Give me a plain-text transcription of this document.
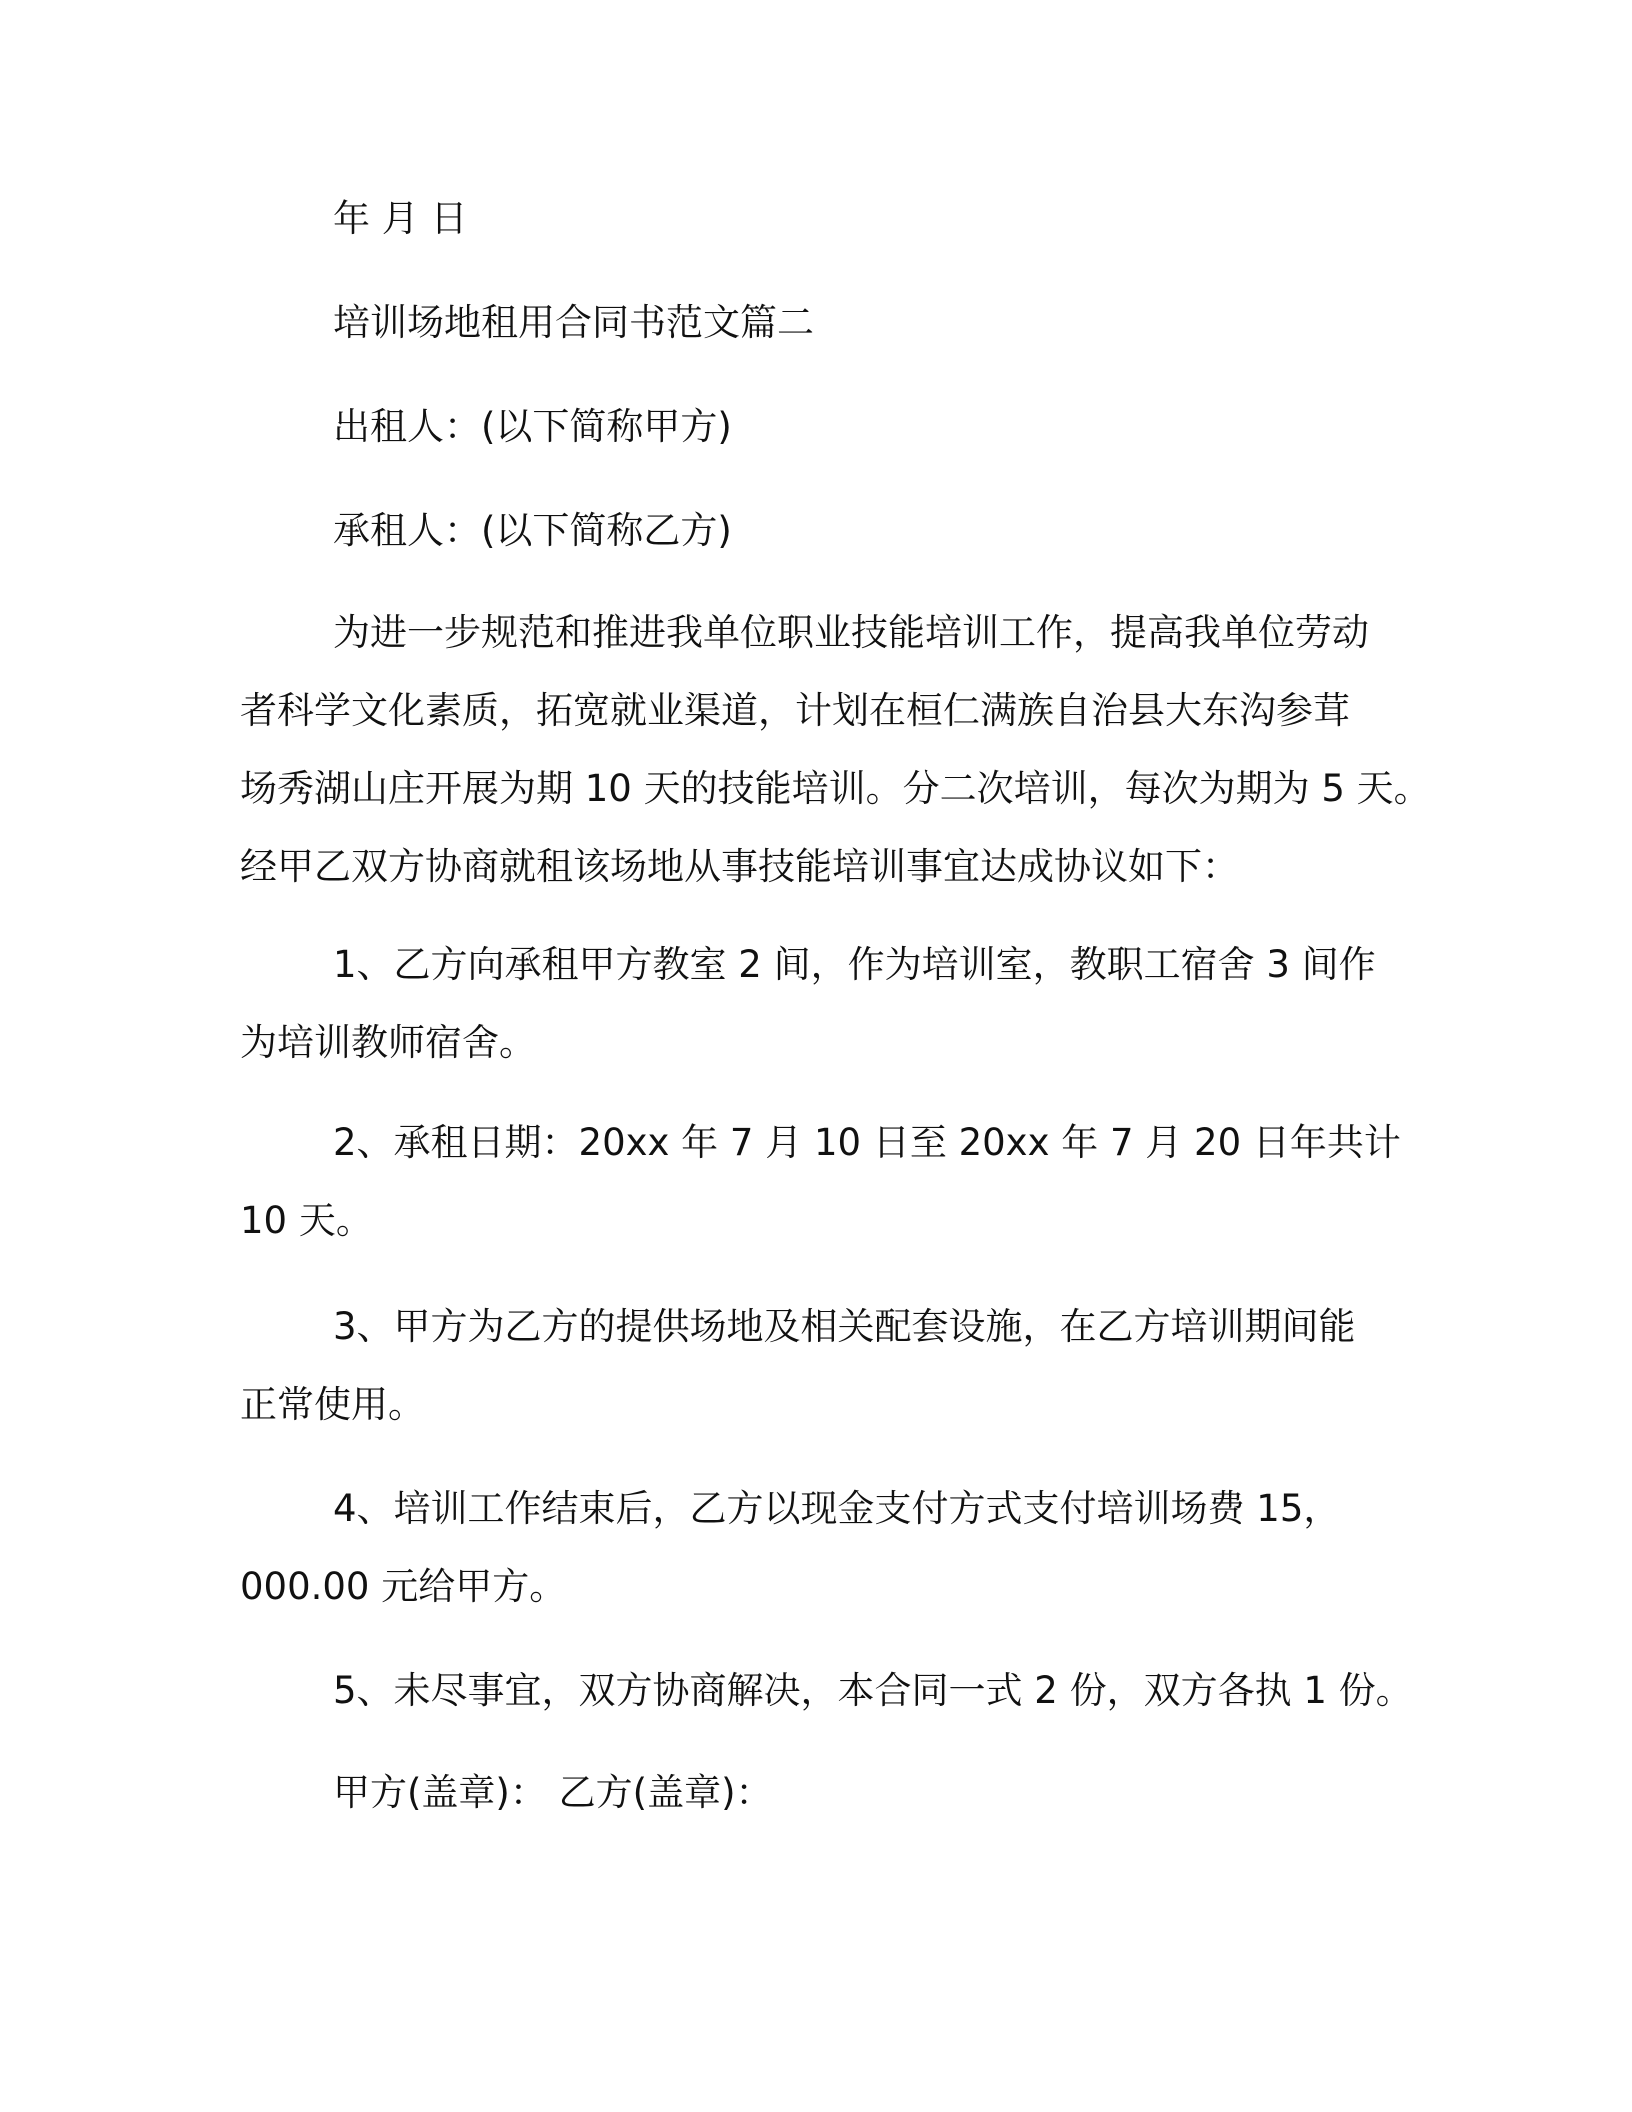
年 月 日

培训场地租用合同书范文篇二

出租人：(以下简称甲方)

承租人：(以下简称乙方)

为进一步规范和推进我单位职业技能培训工作，提高我单位劳动

者科学文化素质，拓宽就业渠道，计划在桓仁满族自治县大东沟参茸

场秀湖山庄开展为期 10 天的技能培训。分二次培训，每次为期为 5 天。

经甲乙双方协商就租该场地从事技能培训事宜达成协议如下：

1、乙方向承租甲方教室 2 间，作为培训室，教职工宿舍 3 间作

为培训教师宿舍。

2、承租日期：20xx 年 7 月 10 日至 20xx 年 7 月 20 日年共计

10 天。

3、甲方为乙方的提供场地及相关配套设施，在乙方培训期间能

正常使用。

4、培训工作结束后，乙方以现金支付方式支付培训场费 15，

000.00 元给甲方。

5、未尽事宜，双方协商解决，本合同一式 2 份，双方各执 1 份。

甲方(盖章)： 乙方(盖章)：
